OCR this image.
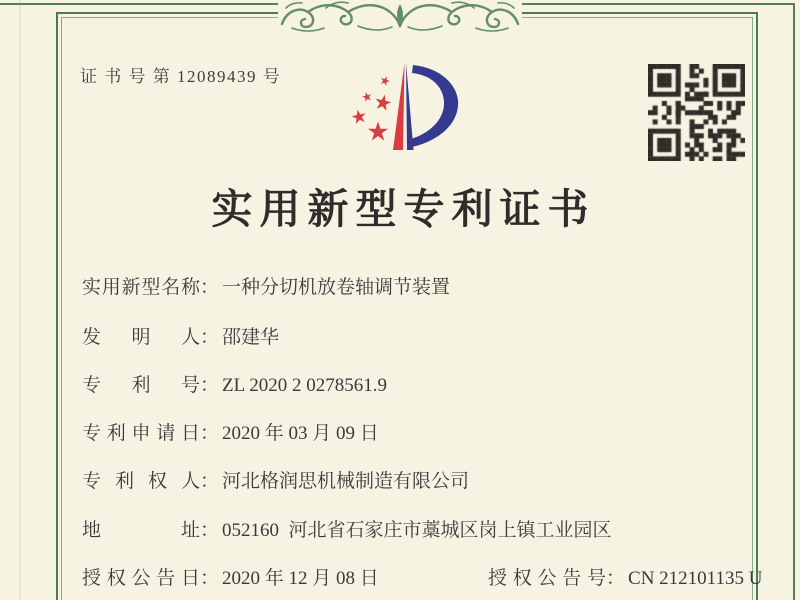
证 书 号 第 12089439 号
实用新型专利证书
实用新型名称： 一种分切机放卷轴调节装置
发明人： 邵建华
专利号： ZL 2020 2 0278561.9
专利申请日： 2020 年 03 月 09 日
专利权人： 河北格润思机械制造有限公司
地址： 052160  河北省石家庄市藁城区岗上镇工业园区
授权公告日： 2020 年 12 月 08 日	授权公告号： CN 212101135 U
